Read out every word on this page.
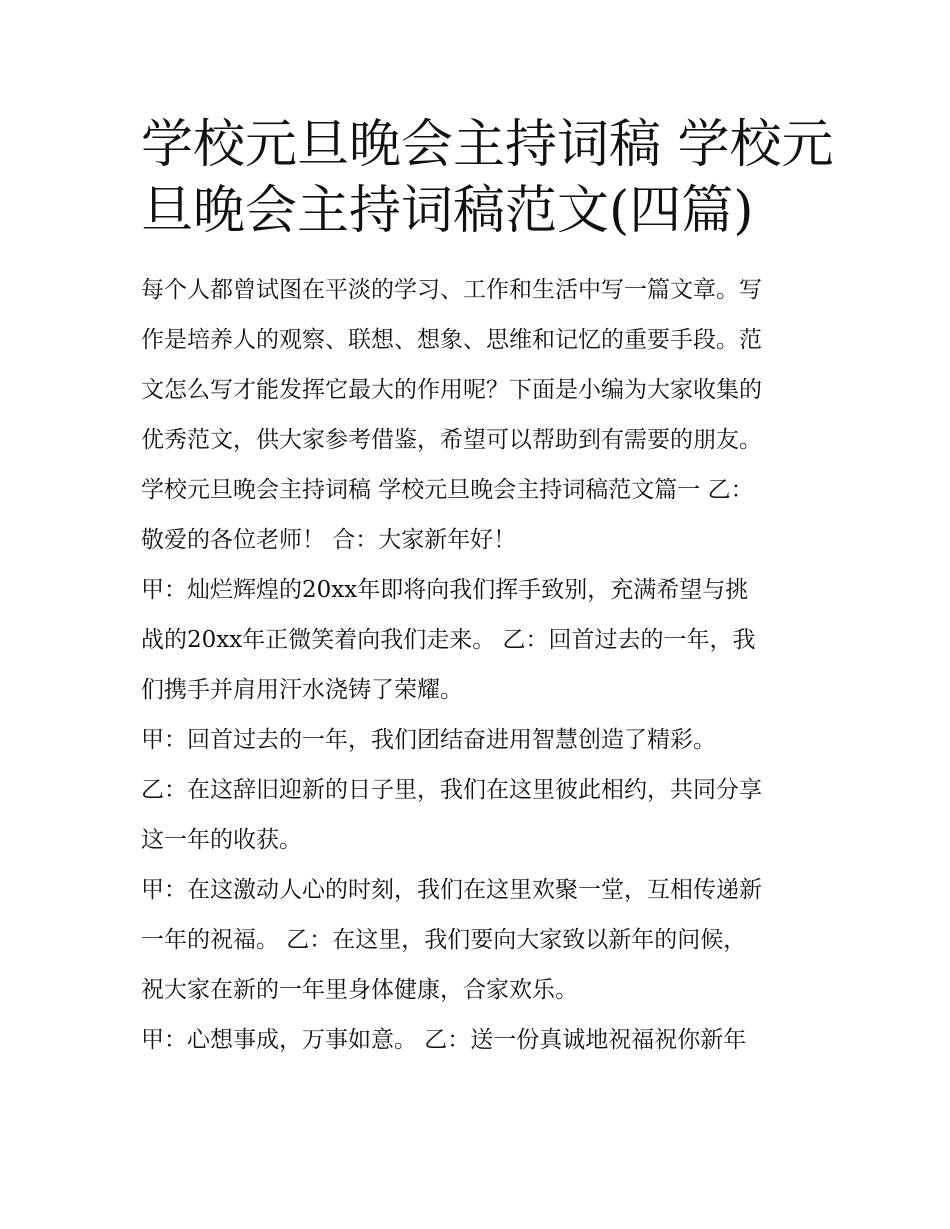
学校元旦晚会主持词稿 学校元
旦晚会主持词稿范文(四篇)

每个人都曾试图在平淡的学习、工作和生活中写一篇文章。写
作是培养人的观察、联想、想象、思维和记忆的重要手段。范
文怎么写才能发挥它最大的作用呢？下面是小编为大家收集的
优秀范文，供大家参考借鉴，希望可以帮助到有需要的朋友。
学校元旦晚会主持词稿 学校元旦晚会主持词稿范文篇一 乙：
敬爱的各位老师！ 合：大家新年好！

甲：灿烂辉煌的20xx年即将向我们挥手致别，充满希望与挑
战的20xx年正微笑着向我们走来。 乙：回首过去的一年，我
们携手并肩用汗水浇铸了荣耀。

甲：回首过去的一年，我们团结奋进用智慧创造了精彩。

乙：在这辞旧迎新的日子里，我们在这里彼此相约，共同分享
这一年的收获。

甲：在这激动人心的时刻，我们在这里欢聚一堂，互相传递新
一年的祝福。 乙：在这里，我们要向大家致以新年的问候，
祝大家在新的一年里身体健康，合家欢乐。

甲：心想事成，万事如意。 乙：送一份真诚地祝福祝你新年
